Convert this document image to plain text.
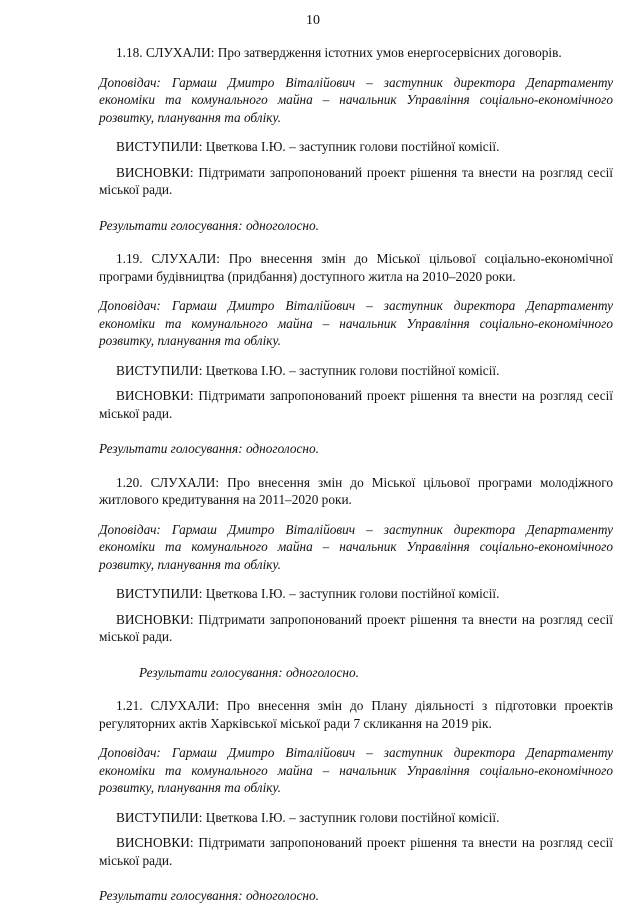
10

1.18. СЛУХАЛИ: Про затвердження істотних умов енергосервісних договорів.

Доповідач: Гармаш Дмитро Віталійович – заступник директора Департаменту економіки та комунального майна – начальник Управління соціально-економічного розвитку, планування та обліку.

ВИСТУПИЛИ: Цветкова І.Ю. – заступник голови постійної комісії.

ВИСНОВКИ: Підтримати запропонований проект рішення та внести на розгляд сесії міської ради.

Результати голосування: одноголосно.

1.19. СЛУХАЛИ: Про внесення змін до Міської цільової соціально-економічної програми будівництва (придбання) доступного житла на 2010–2020 роки.

Доповідач: Гармаш Дмитро Віталійович – заступник директора Департаменту економіки та комунального майна – начальник Управління соціально-економічного розвитку, планування та обліку.

ВИСТУПИЛИ: Цветкова І.Ю. – заступник голови постійної комісії.

ВИСНОВКИ: Підтримати запропонований проект рішення та внести на розгляд сесії міської ради.

Результати голосування: одноголосно.

1.20. СЛУХАЛИ: Про внесення змін до Міської цільової програми молодіжного житлового кредитування на 2011–2020 роки.

Доповідач: Гармаш Дмитро Віталійович – заступник директора Департаменту економіки та комунального майна – начальник Управління соціально-економічного розвитку, планування та обліку.

ВИСТУПИЛИ: Цветкова І.Ю. – заступник голови постійної комісії.

ВИСНОВКИ: Підтримати запропонований проект рішення та внести на розгляд сесії міської ради.

Результати голосування: одноголосно.

1.21. СЛУХАЛИ: Про внесення змін до Плану діяльності з підготовки проектів регуляторних актів Харківської міської ради 7 скликання на 2019 рік.

Доповідач: Гармаш Дмитро Віталійович – заступник директора Департаменту економіки та комунального майна – начальник Управління соціально-економічного розвитку, планування та обліку.

ВИСТУПИЛИ: Цветкова І.Ю. – заступник голови постійної комісії.

ВИСНОВКИ: Підтримати запропонований проект рішення та внести на розгляд сесії міської ради.

Результати голосування: одноголосно.
